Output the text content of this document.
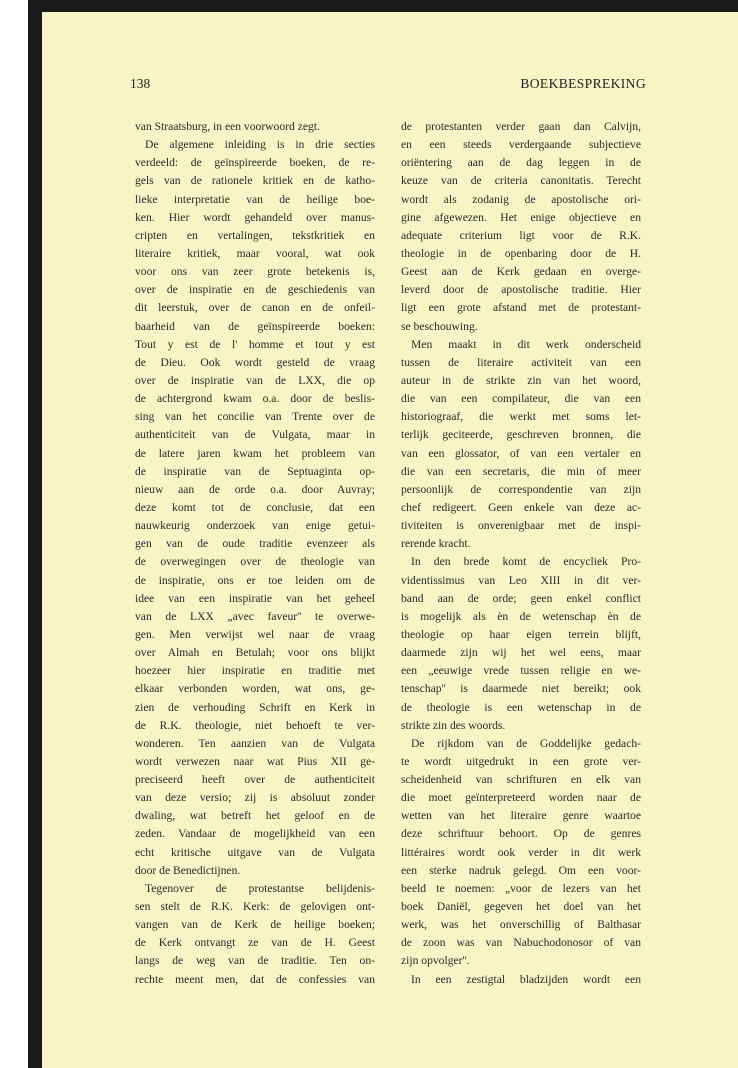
138	BOEKBESPREKING
van Straatsburg, in een voorwoord zegt.
De algemene inleiding is in drie secties
verdeeld: de geïnspireerde boeken, de re-
gels van de rationele kritiek en de katho-
lieke interpretatie van de heilige boe-
ken. Hier wordt gehandeld over manus-
cripten en vertalingen, tekstkritiek en
literaire kritiek, maar vooral, wat ook
voor ons van zeer grote betekenis is,
over de inspiratie en de geschiedenis van
dit leerstuk, over de canon en de onfeil-
baarheid van de geïnspireerde boeken:
Tout y est de l' homme et tout y est
de Dieu. Ook wordt gesteld de vraag
over de inspiratie van de LXX, die op
de achtergrond kwam o.a. door de beslis-
sing van het concilie van Trente over de
authenticiteit van de Vulgata, maar in
de latere jaren kwam het probleem van
de inspiratie van de Septuaginta op-
nieuw aan de orde o.a. door Auvray;
deze komt tot de conclusie, dat een
nauwkeurig onderzoek van enige getui-
gen van de oude traditie evenzeer als
de overwegingen over de theologie van
de inspiratie, ons er toe leiden om de
idee van een inspiratie van het geheel
van de LXX „avec faveur'' te overwe-
gen. Men verwijst wel naar de vraag
over Almah en Betulah; voor ons blijkt
hoezeer hier inspiratie en traditie met
elkaar verbonden worden, wat ons, ge-
zien de verhouding Schrift en Kerk in
de R.K. theologie, niet behoeft te ver-
wonderen. Ten aanzien van de Vulgata
wordt verwezen naar wat Pius XII ge-
preciseerd heeft over de authenticiteit
van deze versio; zij is absoluut zonder
dwaling, wat betreft het geloof en de
zeden. Vandaar de mogelijkheid van een
echt kritische uitgave van de Vulgata
door de Benedictijnen.
Tegenover de protestantse belijdenis-
sen stelt de R.K. Kerk: de gelovigen ont-
vangen van de Kerk de heilige boeken;
de Kerk ontvangt ze van de H. Geest
langs de weg van de traditie. Ten on-
rechte meent men, dat de confessies van
de protestanten verder gaan dan Calvijn,
en een steeds verdergaande subjectieve
oriëntering aan de dag leggen in de
keuze van de criteria canonitatis. Terecht
wordt als zodanig de apostolische ori-
gine afgewezen. Het enige objectieve en
adequate criterium ligt voor de R.K.
theologie in de openbaring door de H.
Geest aan de Kerk gedaan en overge-
leverd door de apostolische traditie. Hier
ligt een grote afstand met de protestant-
se beschouwing.
Men maakt in dit werk onderscheid
tussen de literaire activiteit van een
auteur in de strikte zin van het woord,
die van een compilateur, die van een
historiograaf, die werkt met soms let-
terlijk geciteerde, geschreven bronnen, die
van een glossator, of van een vertaler en
die van een secretaris, die min of meer
persoonlijk de correspondentie van zijn
chef redigeert. Geen enkele van deze ac-
tiviteiten is onverenigbaar met de inspi-
rerende kracht.
In den brede komt de encycliek Pro-
videntissimus van Leo XIII in dit ver-
band aan de orde; geen enkel conflict
is mogelijk als èn de wetenschap èn de
theologie op haar eigen terrein blijft,
daarmede zijn wij het wel eens, maar
een „eeuwige vrede tussen religie en we-
tenschap'' is daarmede niet bereikt; ook
de theologie is een wetenschap in de
strikte zin des woords.
De rijkdom van de Goddelijke gedach-
te wordt uitgedrukt in een grote ver-
scheidenheid van schrifturen en elk van
die moet geïnterpreteerd worden naar de
wetten van het literaire genre waartoe
deze schriftuur behoort. Op de genres
littéraires wordt ook verder in dit werk
een sterke nadruk gelegd. Om een voor-
beeld te noemen: „voor de lezers van het
boek Daniël, gegeven het doel van het
werk, was het onverschillig of Balthasar
de zoon was van Nabuchodonosor of van
zijn opvolger''.
In een zestigtal bladzijden wordt een
